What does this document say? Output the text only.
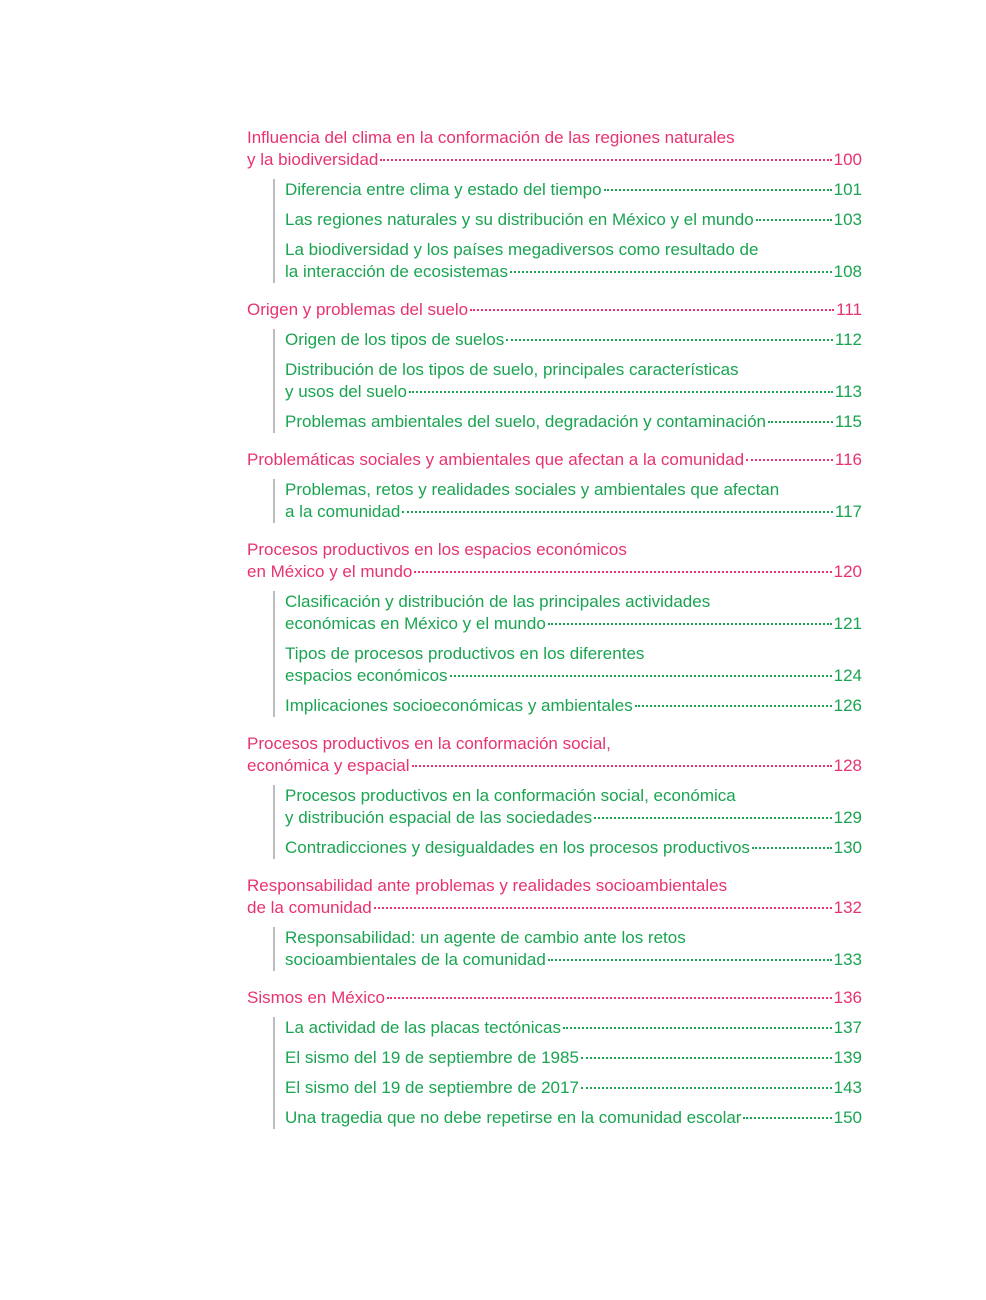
Influencia del clima en la conformación de las regiones naturales
y la biodiversidad	100
Diferencia entre clima y estado del tiempo	101
Las regiones naturales y su distribución en México y el mundo	103
La biodiversidad y los países megadiversos como resultado de
la interacción de ecosistemas	108
Origen y problemas del suelo	111
Origen de los tipos de suelos	112
Distribución de los tipos de suelo, principales características
y usos del suelo	113
Problemas ambientales del suelo, degradación y contaminación	115
Problemáticas sociales y ambientales que afectan a la comunidad	116
Problemas, retos y realidades sociales y ambientales que afectan
a la comunidad	117
Procesos productivos en los espacios económicos
en México y el mundo	120
Clasificación y distribución de las principales actividades
económicas en México y el mundo	121
Tipos de procesos productivos en los diferentes
espacios económicos	124
Implicaciones socioeconómicas y ambientales	126
Procesos productivos en la conformación social,
económica y espacial	128
Procesos productivos en la conformación social, económica
y distribución espacial de las sociedades	129
Contradicciones y desigualdades en los procesos productivos	130
Responsabilidad ante problemas y realidades socioambientales
de la comunidad	132
Responsabilidad: un agente de cambio ante los retos
socioambientales de la comunidad	133
Sismos en México	136
La actividad de las placas tectónicas	137
El sismo del 19 de septiembre de 1985	139
El sismo del 19 de septiembre de 2017	143
Una tragedia que no debe repetirse en la comunidad escolar	150
